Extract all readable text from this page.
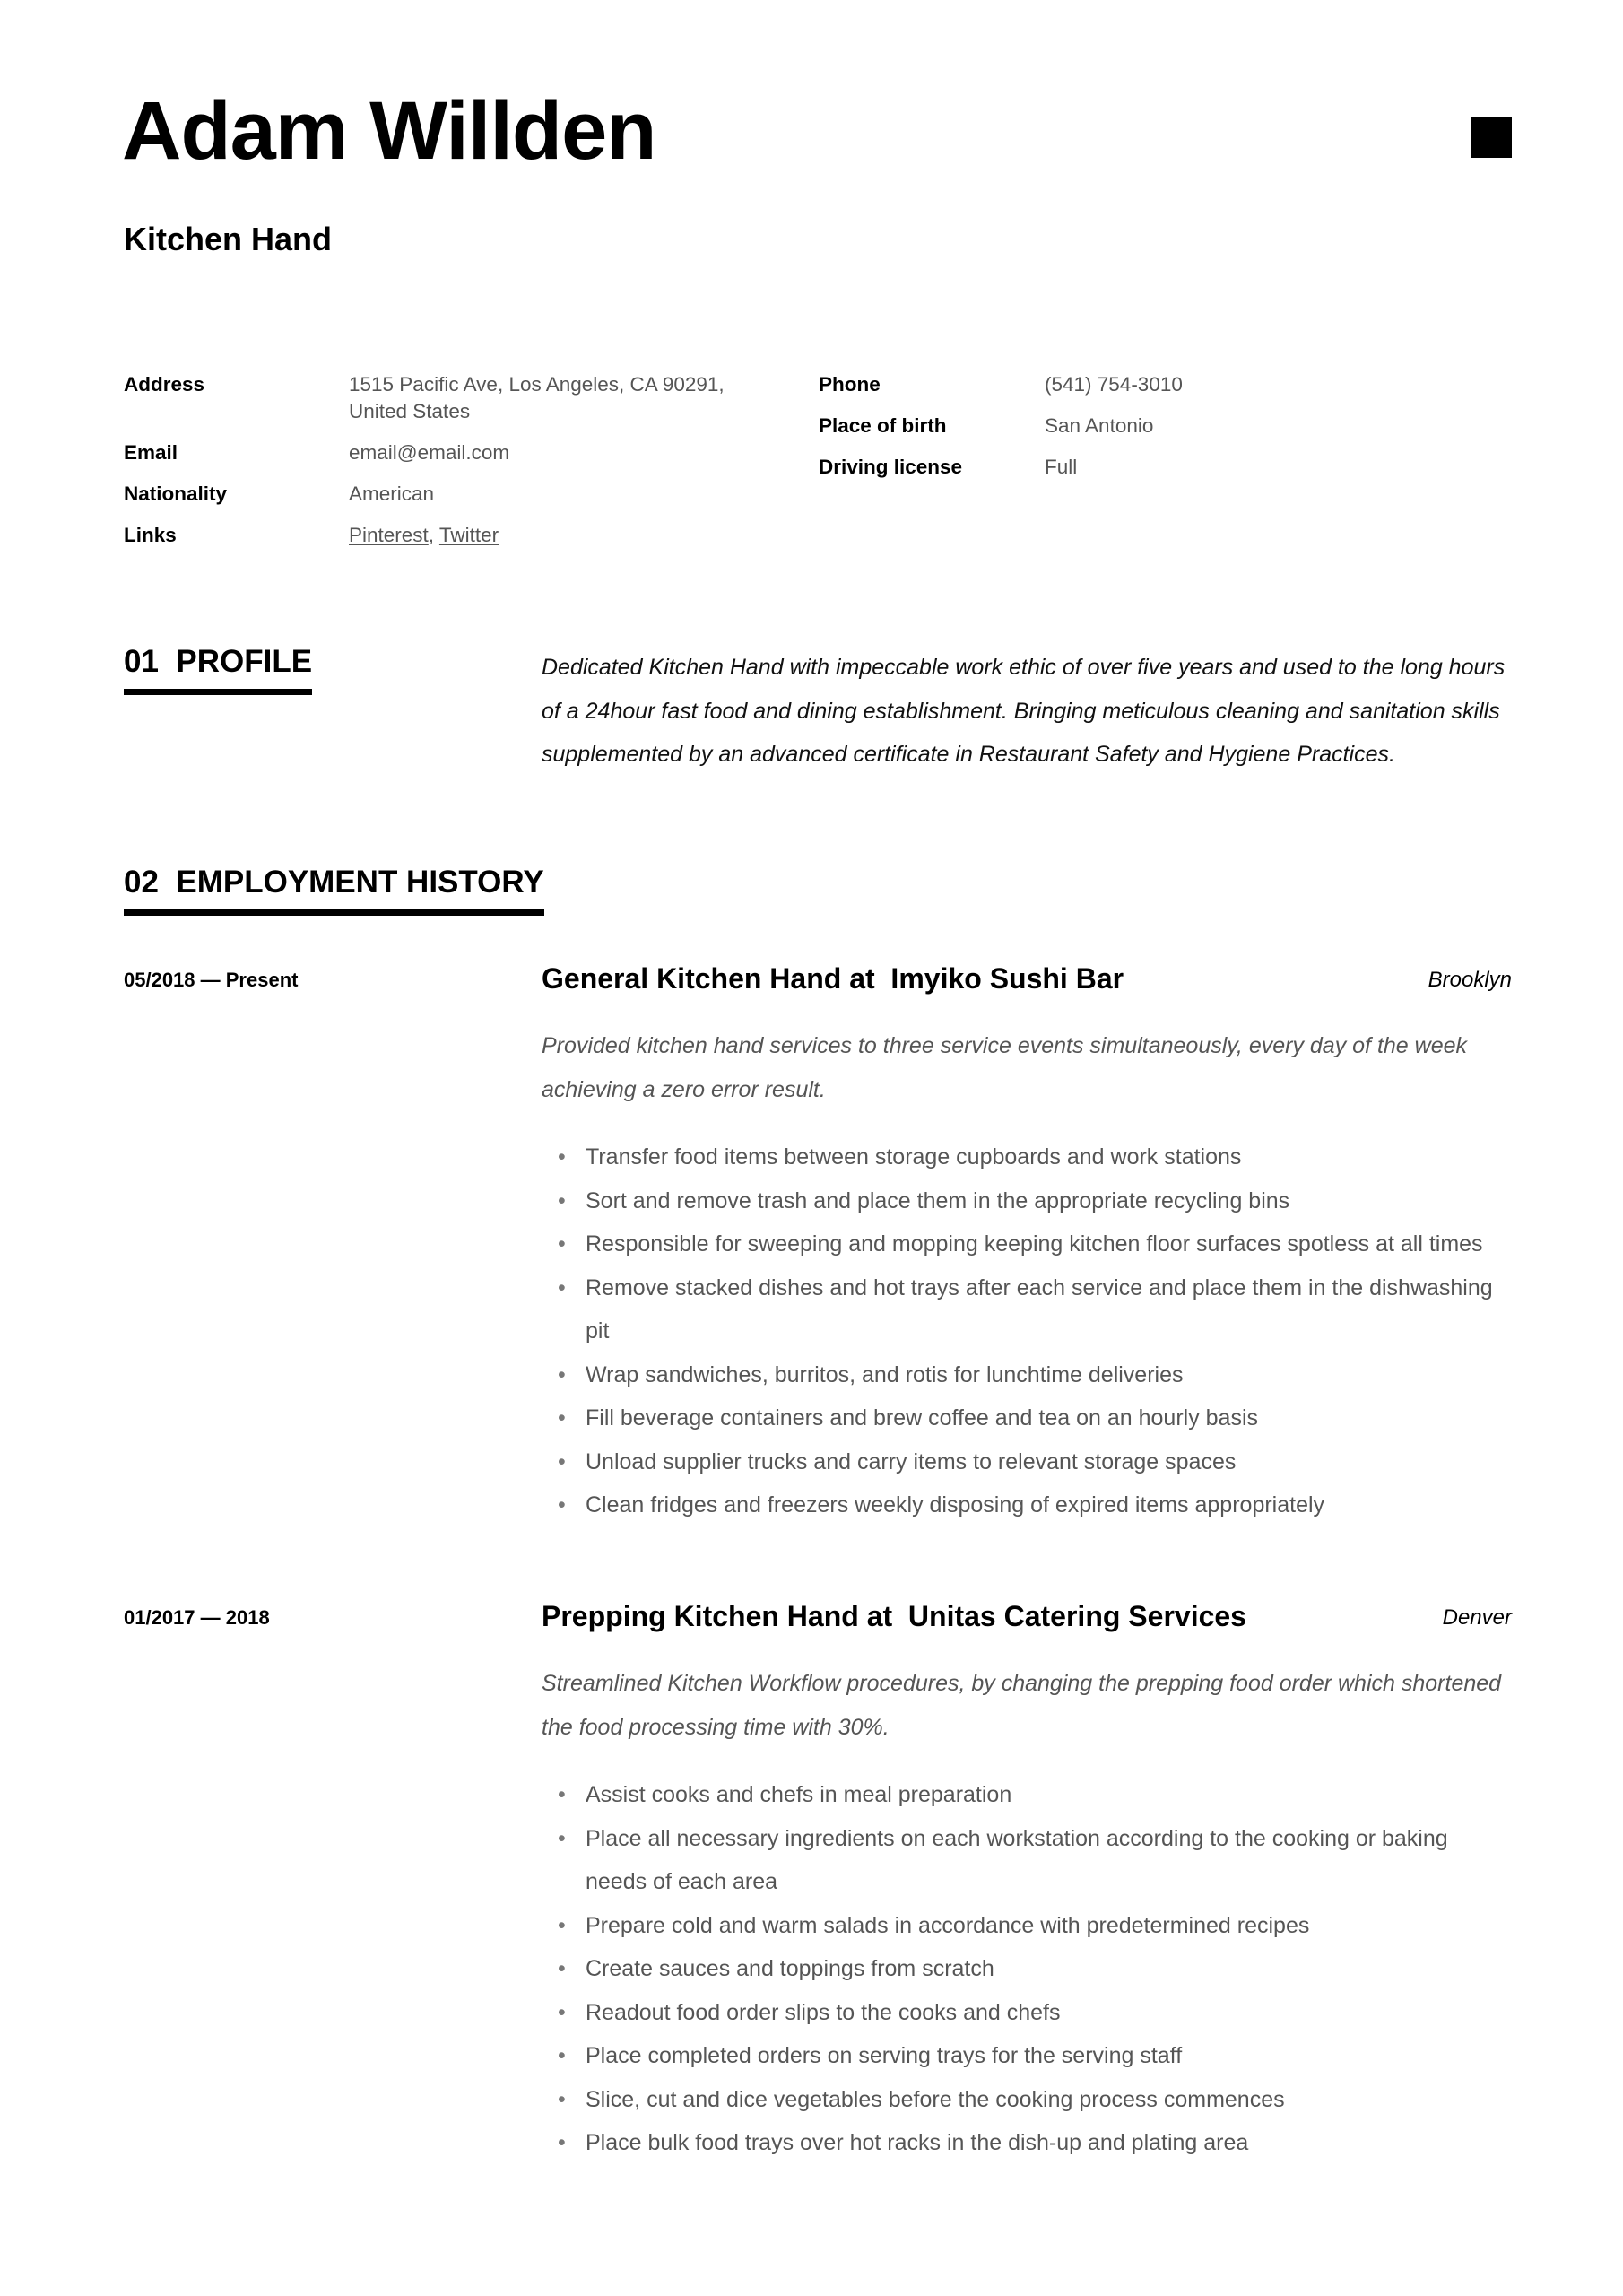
Adam Willden
Kitchen Hand
Address	1515 Pacific Ave, Los Angeles, CA 90291, United States
Email	email@email.com
Nationality	American
Links	Pinterest, Twitter
Phone	(541) 754-3010
Place of birth	San Antonio
Driving license	Full
01  PROFILE	Dedicated Kitchen Hand with impeccable work ethic of over five years and used to the long hours of a 24hour fast food and dining establishment. Bringing meticulous cleaning and sanitation skills supplemented by an advanced certificate in Restaurant Safety and Hygiene Practices.
02  EMPLOYMENT HISTORY
05/2018 — Present	General Kitchen Hand at  Imyiko Sushi Bar	Brooklyn
Provided kitchen hand services to three service events simultaneously, every day of the week achieving a zero error result.
• Transfer food items between storage cupboards and work stations
• Sort and remove trash and place them in the appropriate recycling bins
• Responsible for sweeping and mopping keeping kitchen floor surfaces spotless at all times
• Remove stacked dishes and hot trays after each service and place them in the dishwashing pit
• Wrap sandwiches, burritos, and rotis for lunchtime deliveries
• Fill beverage containers and brew coffee and tea on an hourly basis
• Unload supplier trucks and carry items to relevant storage spaces
• Clean fridges and freezers weekly disposing of expired items appropriately
01/2017 — 2018	Prepping Kitchen Hand at  Unitas Catering Services	Denver
Streamlined Kitchen Workflow procedures, by changing the prepping food order which shortened the food processing time with 30%.
• Assist cooks and chefs in meal preparation
• Place all necessary ingredients on each workstation according to the cooking or baking needs of each area
• Prepare cold and warm salads in accordance with predetermined recipes
• Create sauces and toppings from scratch
• Readout food order slips to the cooks and chefs
• Place completed orders on serving trays for the serving staff
• Slice, cut and dice vegetables before the cooking process commences
• Place bulk food trays over hot racks in the dish-up and plating area
